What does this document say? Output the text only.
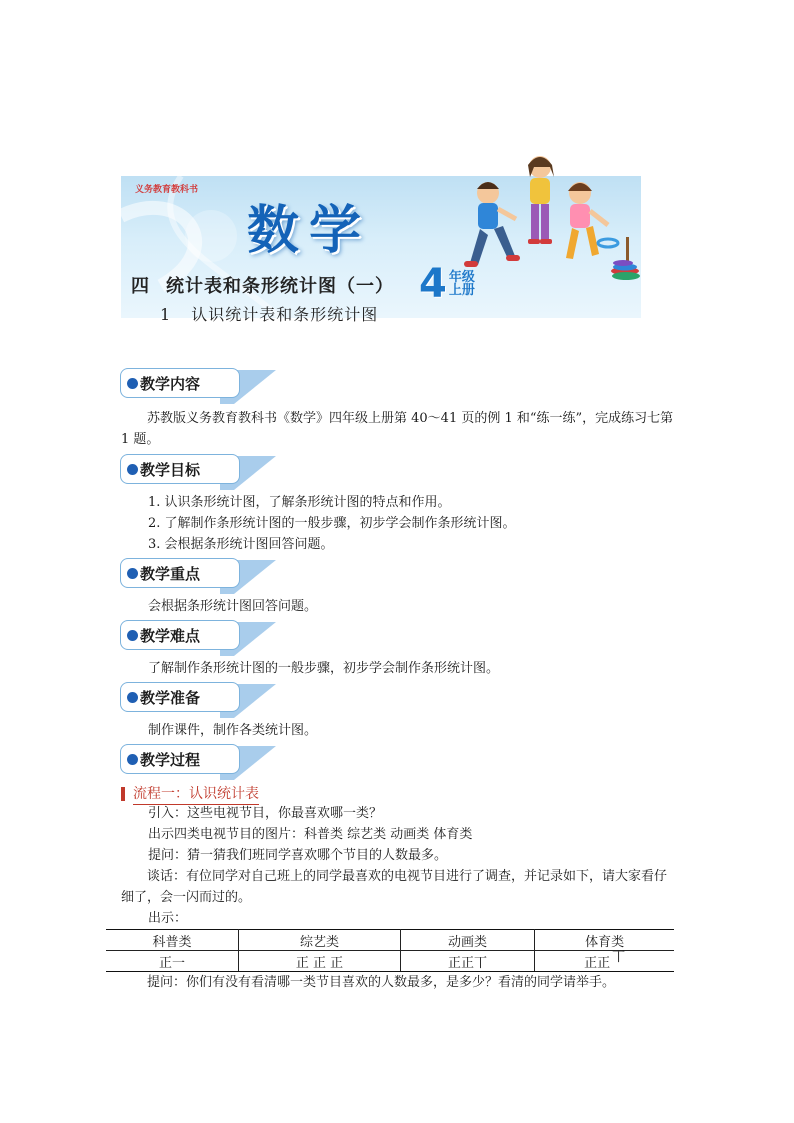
义务教育教科书
数学
四 统计表和条形统计图（一） 4 年级
上册
1 认识统计表和条形统计图
教学内容
苏教版义务教育教科书《数学》四年级上册第 40～41 页的例 1 和“练一练”，完成练习七第 1 题。
教学目标
1. 认识条形统计图，了解条形统计图的特点和作用。
2. 了解制作条形统计图的一般步骤，初步学会制作条形统计图。
3. 会根据条形统计图回答问题。
教学重点
会根据条形统计图回答问题。
教学难点
了解制作条形统计图的一般步骤，初步学会制作条形统计图。
教学准备
制作课件，制作各类统计图。
教学过程
流程一：认识统计表
引入：这些电视节目，你最喜欢哪一类？
出示四类电视节目的图片：科普类 综艺类 动画类 体育类
提问：猜一猜我们班同学喜欢哪个节目的人数最多。
谈话：有位同学对自己班上的同学最喜欢的电视节目进行了调查，并记录如下，请大家看仔细了，会一闪而过的。
出示：
科普类	综艺类	动画类	体育类
正一	正 正 正	正正丅	正正 丅
提问：你们有没有看清哪一类节目喜欢的人数最多，是多少？看清的同学请举手。
